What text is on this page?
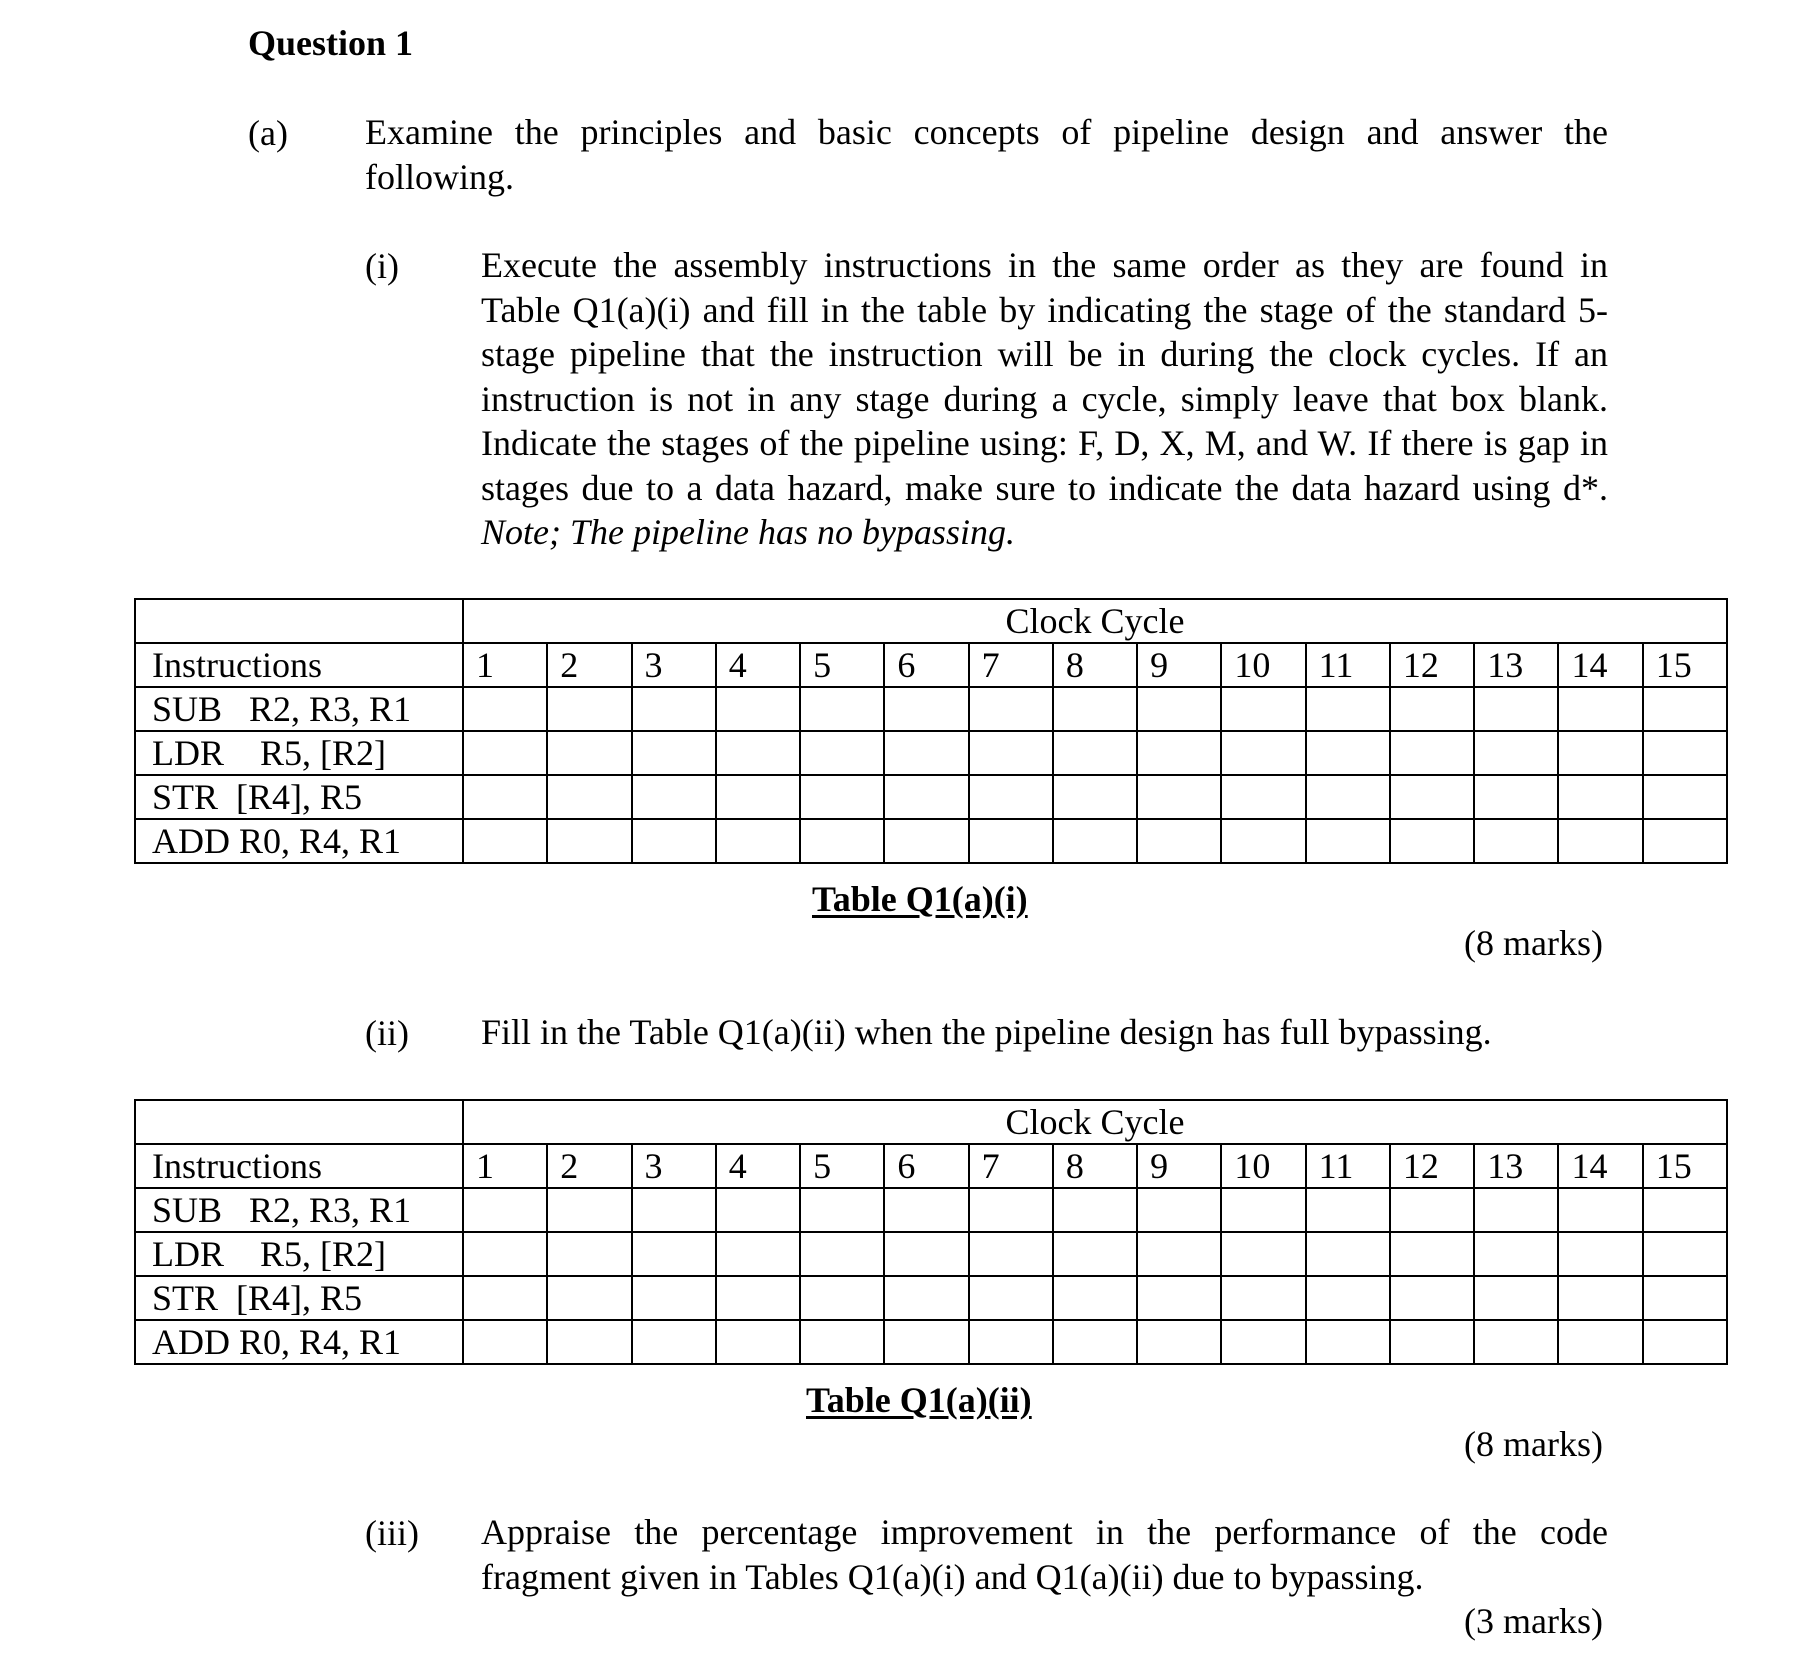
Question 1
(a) Examine the principles and basic concepts of pipeline design and answer the following.
(i) Execute the assembly instructions in the same order as they are found in Table Q1(a)(i) and fill in the table by indicating the stage of the standard 5-stage pipeline that the instruction will be in during the clock cycles. If an instruction is not in any stage during a cycle, simply leave that box blank. Indicate the stages of the pipeline using: F, D, X, M, and W. If there is gap in stages due to a data hazard, make sure to indicate the data hazard using d*. Note; The pipeline has no bypassing.
	Clock Cycle														
Instructions	1	2	3	4	5	6	7	8	9	10	11	12	13	14	15
SUB   R2, R3, R1															
LDR    R5, [R2]															
STR  [R4], R5															
ADD R0, R4, R1															
Table Q1(a)(i)
(8 marks)
(ii) Fill in the Table Q1(a)(ii) when the pipeline design has full bypassing.
	Clock Cycle														
Instructions	1	2	3	4	5	6	7	8	9	10	11	12	13	14	15
SUB   R2, R3, R1															
LDR    R5, [R2]															
STR  [R4], R5															
ADD R0, R4, R1															
Table Q1(a)(ii)
(8 marks)
(iii) Appraise the percentage improvement in the performance of the code fragment given in Tables Q1(a)(i) and Q1(a)(ii) due to bypassing.
(3 marks)
